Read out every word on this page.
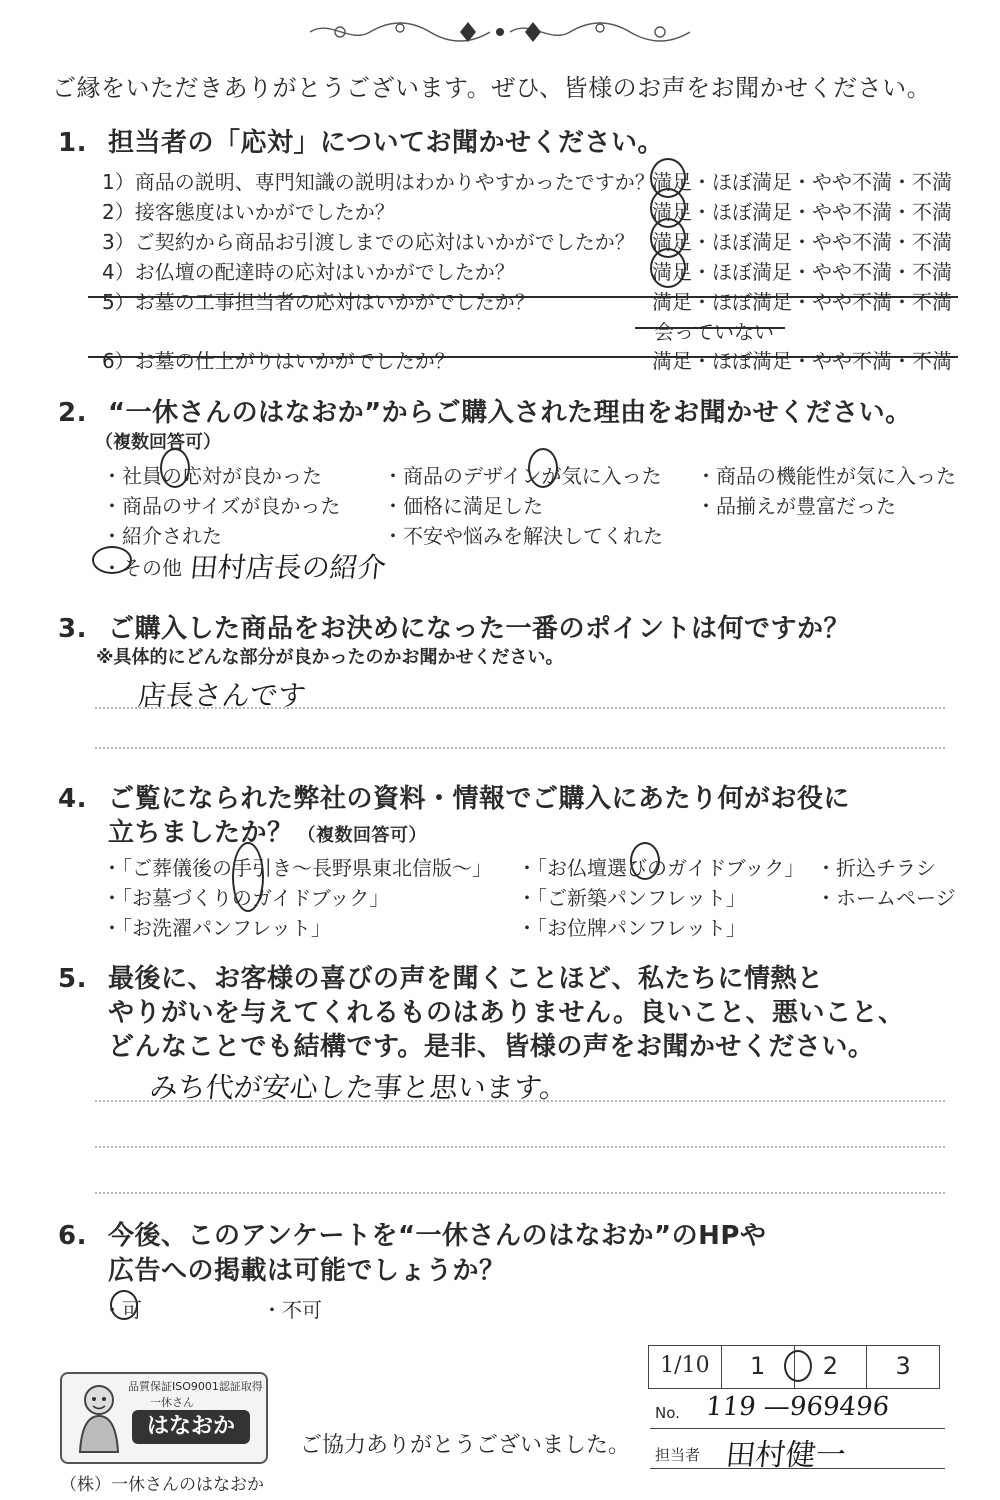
ご縁をいただきありがとうございます。ぜひ、皆様のお声をお聞かせください。
1. 担当者の「応対」についてお聞かせください。
1）商品の説明、専門知識の説明はわかりやすかったですか？
満足・ほぼ満足・やや不満・不満
2）接客態度はいかがでしたか？	満足・ほぼ満足・やや不満・不満
3）ご契約から商品お引渡しまでの応対はいかがでしたか？ 満足・ほぼ満足・やや不満・不満
4）お仏壇の配達時の応対はいかがでしたか？	満足・ほぼ満足・やや不満・不満
5）お墓の工事担当者の応対はいかがでしたか？	満足・ほぼ満足・やや不満・不満
会っていない
6）お墓の仕上がりはいかがでしたか？	満足・ほぼ満足・やや不満・不満
2. “一休さんのはなおか”からご購入された理由をお聞かせください。
（複数回答可）
・社員の応対が良かった	・商品のデザインが気に入った ・商品の機能性が気に入った
・商品のサイズが良かった ・価格に満足した	・品揃えが豊富だった
・紹介された	・不安や悩みを解決してくれた
・その他 田村店長の紹介
3. ご購入した商品をお決めになった一番のポイントは何ですか？
※具体的にどんな部分が良かったのかお聞かせください。
店長さんです
4. ご覧になられた弊社の資料・情報でご購入にあたり何がお役に
立ちましたか？ （複数回答可）
・「ご葬儀後の手引き～長野県東北信版～」 ・「お仏壇選びのガイドブック」 ・折込チラシ
・「お墓づくりのガイドブック」	・「ご新築パンフレット」	・ホームページ
・「お洗濯パンフレット」	・「お位牌パンフレット」
5. 最後に、お客様の喜びの声を聞くことほど、私たちに情熱と
やりがいを与えてくれるものはありません。良いこと、悪いこと、
どんなことでも結構です。是非、皆様の声をお聞かせください。
みち代が安心した事と思います。
6. 今後、このアンケートを“一休さんのはなおか”のHPや
広告への掲載は可能でしょうか？
・可	・不可
品質保証ISO9001認証取得
一休さん
はなおか
（株）一休さんのはなおか
ご協力ありがとうございました。
1/10	1	2	3
No. 119 —969496
担当者 田村健一
